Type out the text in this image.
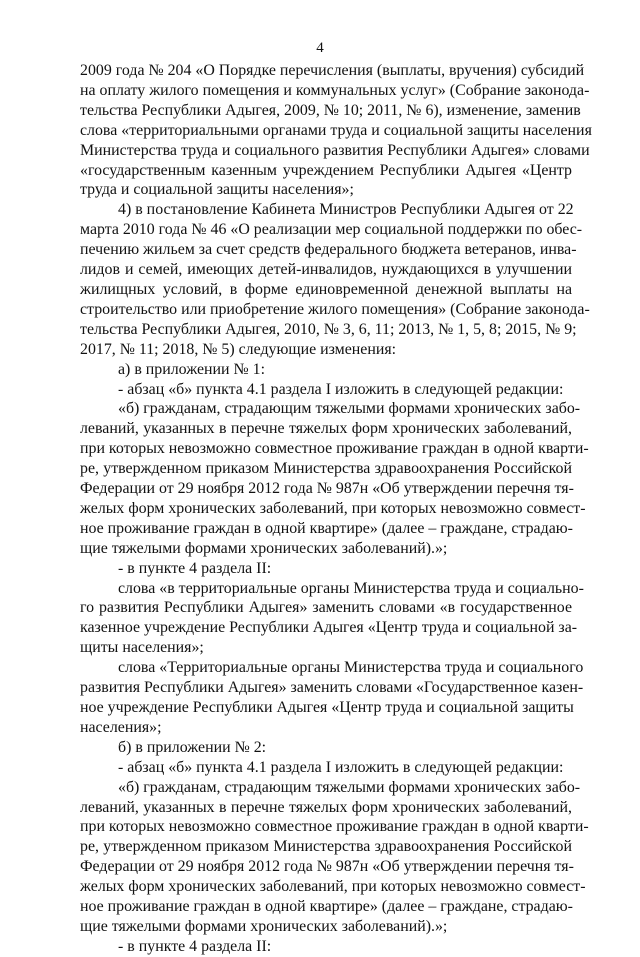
4

2009 года № 204 «О Порядке перечисления (выплаты, вручения) субсидий

на оплату жилого помещения и коммунальных услуг» (Собрание законода-

тельства Республики Адыгея, 2009, № 10; 2011, № 6), изменение, заменив

слова «территориальными органами труда и социальной защиты населения

Министерства труда и социального развития Республики Адыгея» словами

«государственным казенным учреждением Республики Адыгея «Центр

труда и социальной защиты населения»;

4) в постановление Кабинета Министров Республики Адыгея от 22

марта 2010 года № 46 «О реализации мер социальной поддержки по обес-

печению жильем за счет средств федерального бюджета ветеранов, инва-

лидов и семей, имеющих детей-инвалидов, нуждающихся в улучшении

жилищных условий, в форме единовременной денежной выплаты на

строительство или приобретение жилого помещения» (Собрание законода-

тельства Республики Адыгея, 2010, № 3, 6, 11; 2013, № 1, 5, 8; 2015, № 9;

2017, № 11; 2018, № 5) следующие изменения:

а) в приложении № 1:

- абзац «б» пункта 4.1 раздела I изложить в следующей редакции:

«б) гражданам, страдающим тяжелыми формами хронических забо-

леваний, указанных в перечне тяжелых форм хронических заболеваний,

при которых невозможно совместное проживание граждан в одной кварти-

ре, утвержденном приказом Министерства здравоохранения Российской

Федерации от 29 ноября 2012 года № 987н «Об утверждении перечня тя-

желых форм хронических заболеваний, при которых невозможно совмест-

ное проживание граждан в одной квартире» (далее – граждане, страдаю-

щие тяжелыми формами хронических заболеваний).»;

- в пункте 4 раздела II:

слова «в территориальные органы Министерства труда и социально-

го развития Республики Адыгея» заменить словами «в государственное

казенное учреждение Республики Адыгея «Центр труда и социальной за-

щиты населения»;

слова «Территориальные органы Министерства труда и социального

развития Республики Адыгея» заменить словами «Государственное казен-

ное учреждение Республики Адыгея «Центр труда и социальной защиты

населения»;

б) в приложении № 2:

- абзац «б» пункта 4.1 раздела I изложить в следующей редакции:

«б) гражданам, страдающим тяжелыми формами хронических забо-

леваний, указанных в перечне тяжелых форм хронических заболеваний,

при которых невозможно совместное проживание граждан в одной кварти-

ре, утвержденном приказом Министерства здравоохранения Российской

Федерации от 29 ноября 2012 года № 987н «Об утверждении перечня тя-

желых форм хронических заболеваний, при которых невозможно совмест-

ное проживание граждан в одной квартире» (далее – граждане, страдаю-

щие тяжелыми формами хронических заболеваний).»;

- в пункте 4 раздела II:
